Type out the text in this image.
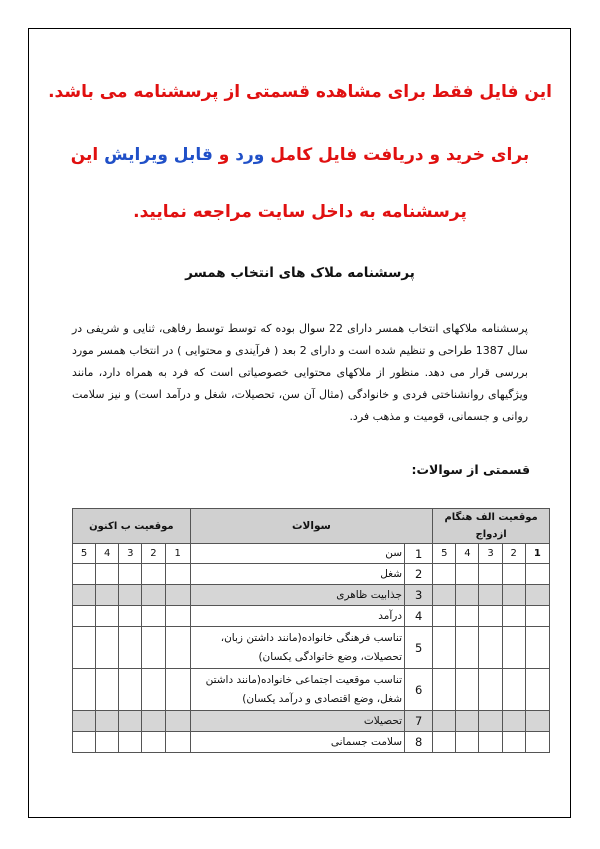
این فایل فقط برای مشاهده قسمتی از پرسشنامه می باشد.
برای خرید و دریافت فایل کامل ورد و قابل ویرایش این
پرسشنامه به داخل سایت مراجعه نمایید.
پرسشنامه ملاک های انتخاب همسر
پرسشنامه ملاکهای انتخاب همسر دارای 22 سوال بوده که توسط توسط رفاهی، ثنایی و شریفی در سال 1387 طراحی و تنظیم شده است و دارای 2 بعد ( فرآیندی و محتوایی ) در انتخاب همسر مورد بررسی قرار می دهد. منظور از ملاکهای محتوایی خصوصیاتی است که فرد به همراه دارد، مانند ویژگیهای روانشناختی فردی و خانوادگی (مثال آن سن، تحصیلات، شغل و درآمد است) و نیز سلامت روانی و جسمانی، قومیت و مذهب فرد.
قسمتی از سوالات:
موقعیت ب اکنون					سوالات		موقعیت الف هنگام ازدواج				
5	4	3	2	1	سن	1	5	4	3	2	1
					شغل	2					
					جذابیت ظاهری	3					
					درآمد	4					
					تناسب فرهنگی خانواده(مانند داشتن زبان، تحصیلات، وضع خانوادگی یکسان)	5					
					تناسب موقعیت اجتماعی خانواده(مانند داشتن شغل، وضع اقتصادی و درآمد یکسان)	6					
					تحصیلات	7					
					سلامت جسمانی	8					
